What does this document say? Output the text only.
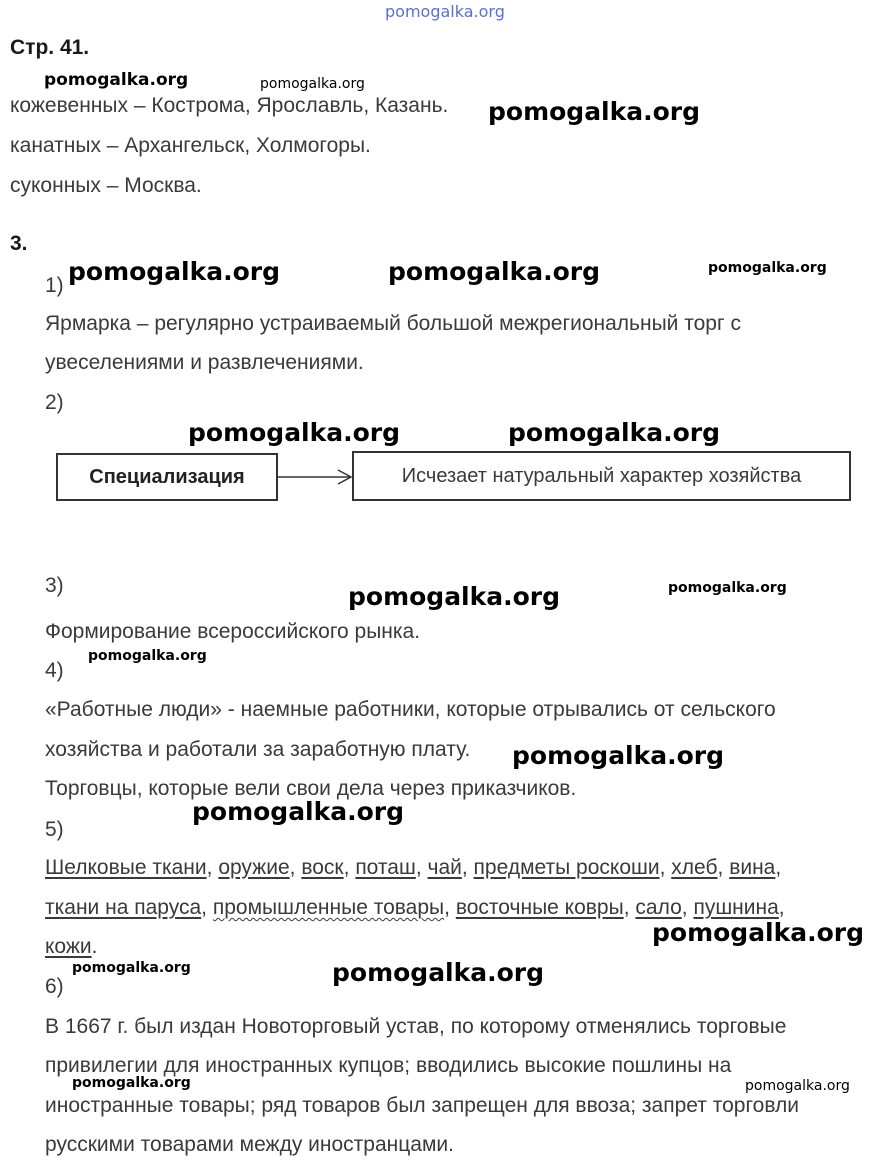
pomogalka.org
Стр. 41.
кожевенных – Кострома, Ярославль, Казань.
канатных – Архангельск, Холмогоры.
суконных – Москва.
3.
1)
Ярмарка – регулярно устраиваемый большой межрегиональный торг с
увеселениями и развлечениями.
2)
Специализация	Исчезает натуральный характер хозяйства
3)
Формирование всероссийского рынка.
4)
«Работные люди» - наемные работники, которые отрывались от сельского
хозяйства и работали за заработную плату.
Торговцы, которые вели свои дела через приказчиков.
5)
Шелковые ткани, оружие, воск, поташ, чай, предметы роскоши, хлеб, вина,
ткани на паруса, промышленные товары, восточные ковры, сало, пушнина,
кожи.
6)
В 1667 г. был издан Новоторговый устав, по которому отменялись торговые
привилегии для иностранных купцов; вводились высокие пошлины на
иностранные товары; ряд товаров был запрещен для ввоза; запрет торговли
русскими товарами между иностранцами.
pomogalka.org	pomogalka.org
pomogalka.org
pomogalka.org	pomogalka.org	pomogalka.org
pomogalka.org	pomogalka.org
pomogalka.org	pomogalka.org
pomogalka.org
pomogalka.org
pomogalka.org
pomogalka.org
pomogalka.org	pomogalka.org
pomogalka.org	pomogalka.org
